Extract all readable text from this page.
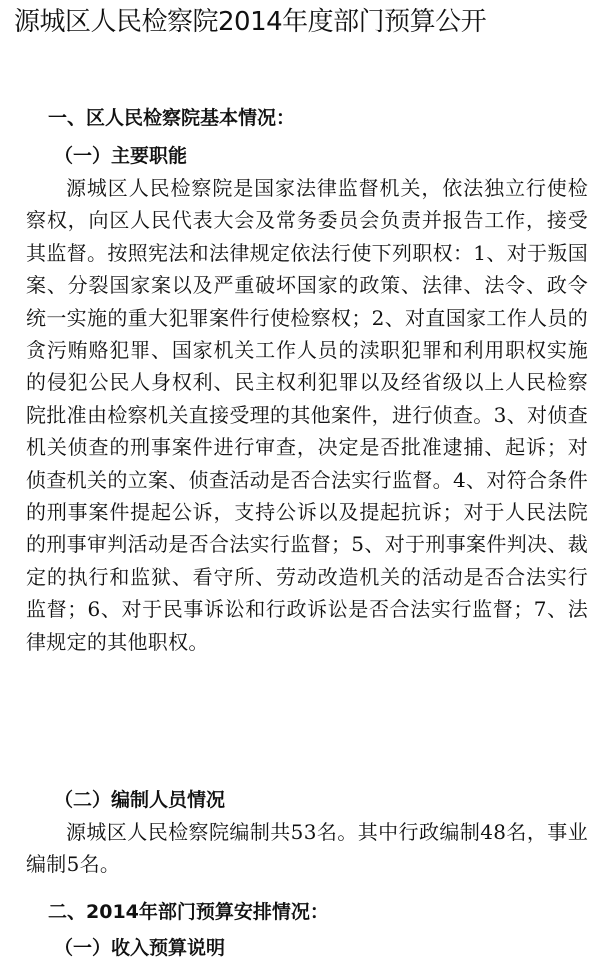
源城区人民检察院2014年度部门预算公开
一、区人民检察院基本情况：
（一）主要职能

源城区人民检察院是国家法律监督机关，依法独立行使检察权，向区人民代表大会及常务委员会负责并报告工作，接受其监督。按照宪法和法律规定依法行使下列职权：1、对于叛国案、分裂国家案以及严重破坏国家的政策、法律、法令、政令统一实施的重大犯罪案件行使检察权；2、对直国家工作人员的贪污贿赂犯罪、国家机关工作人员的渎职犯罪和利用职权实施的侵犯公民人身权利、民主权利犯罪以及经省级以上人民检察院批准由检察机关直接受理的其他案件，进行侦查。3、对侦查机关侦查的刑事案件进行审查，决定是否批准逮捕、起诉；对侦查机关的立案、侦查活动是否合法实行监督。4、对符合条件的刑事案件提起公诉，支持公诉以及提起抗诉；对于人民法院的刑事审判活动是否合法实行监督；5、对于刑事案件判决、裁定的执行和监狱、看守所、劳动改造机关的活动是否合法实行监督；6、对于民事诉讼和行政诉讼是否合法实行监督；7、法律规定的其他职权。

（二）编制人员情况

源城区人民检察院编制共53名。其中行政编制48名，事业编制5名。

二、2014年部门预算安排情况：
（一）收入预算说明
